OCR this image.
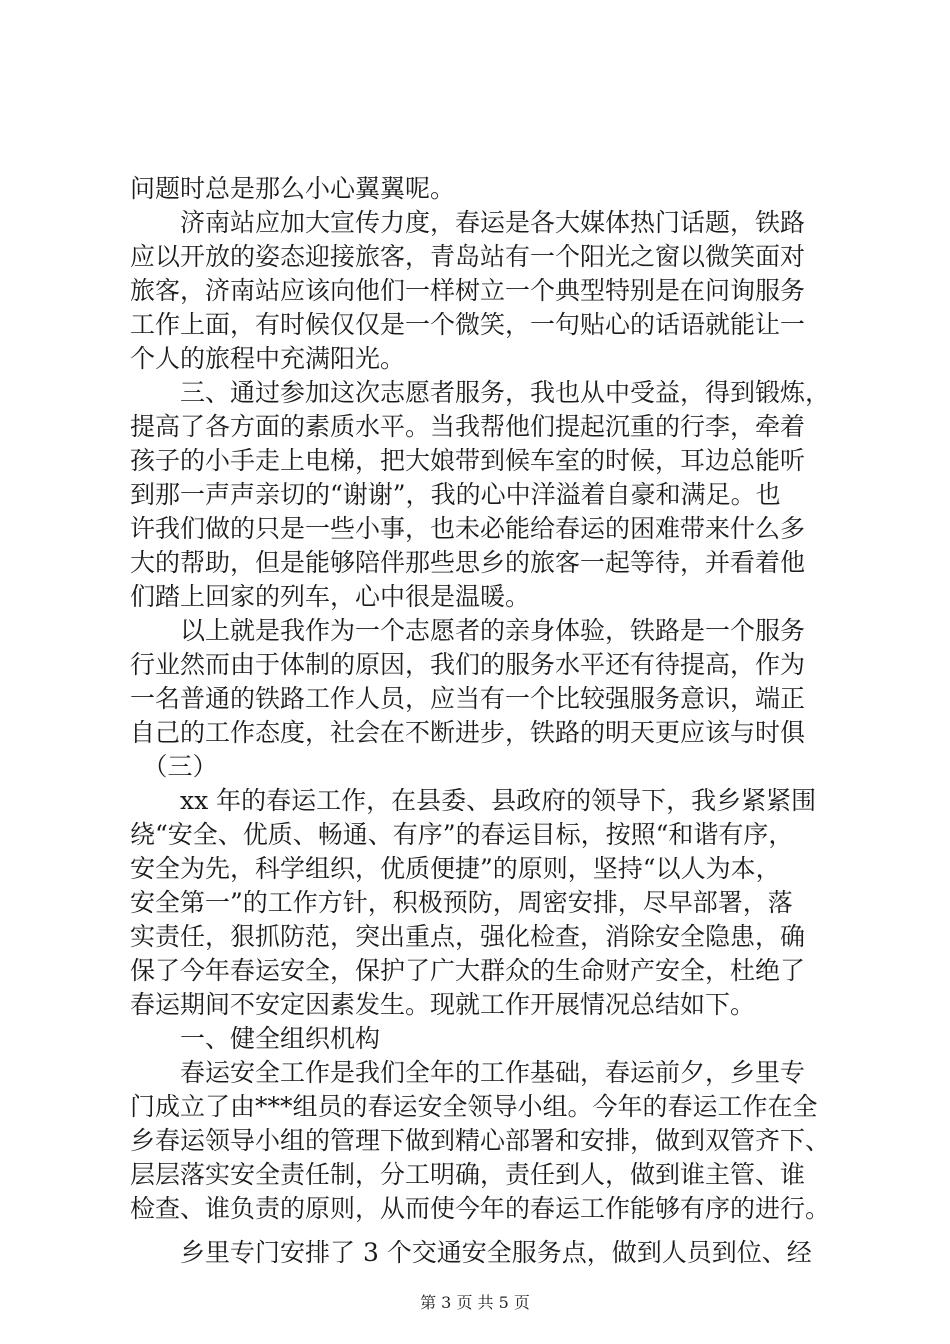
问题时总是那么小心翼翼呢。
　　济南站应加大宣传力度，春运是各大媒体热门话题，铁路
应以开放的姿态迎接旅客，青岛站有一个阳光之窗以微笑面对
旅客，济南站应该向他们一样树立一个典型特别是在问询服务
工作上面，有时候仅仅是一个微笑，一句贴心的话语就能让一
个人的旅程中充满阳光。
　　三、通过参加这次志愿者服务，我也从中受益，得到锻炼，
提高了各方面的素质水平。当我帮他们提起沉重的行李，牵着
孩子的小手走上电梯，把大娘带到候车室的时候，耳边总能听
到那一声声亲切的“谢谢”，我的心中洋溢着自豪和满足。也
许我们做的只是一些小事，也未必能给春运的困难带来什么多
大的帮助，但是能够陪伴那些思乡的旅客一起等待，并看着他
们踏上回家的列车，心中很是温暖。
　　以上就是我作为一个志愿者的亲身体验，铁路是一个服务
行业然而由于体制的原因，我们的服务水平还有待提高，作为
一名普通的铁路工作人员，应当有一个比较强服务意识，端正
自己的工作态度，社会在不断进步，铁路的明天更应该与时俱
　（三）
　　xx 年的春运工作，在县委、县政府的领导下，我乡紧紧围
绕“安全、优质、畅通、有序”的春运目标，按照“和谐有序，
安全为先，科学组织，优质便捷”的原则，坚持“以人为本，
安全第一”的工作方针，积极预防，周密安排，尽早部署，落
实责任，狠抓防范，突出重点，强化检查，消除安全隐患，确
保了今年春运安全，保护了广大群众的生命财产安全，杜绝了
春运期间不安定因素发生。现就工作开展情况总结如下。
　　一、健全组织机构
　　春运安全工作是我们全年的工作基础，春运前夕，乡里专
门成立了由***组员的春运安全领导小组。今年的春运工作在全
乡春运领导小组的管理下做到精心部署和安排，做到双管齐下、
层层落实安全责任制，分工明确，责任到人，做到谁主管、谁
检查、谁负责的原则，从而使今年的春运工作能够有序的进行。
　　乡里专门安排了 3 个交通安全服务点，做到人员到位、经
第 3 页 共 5 页
